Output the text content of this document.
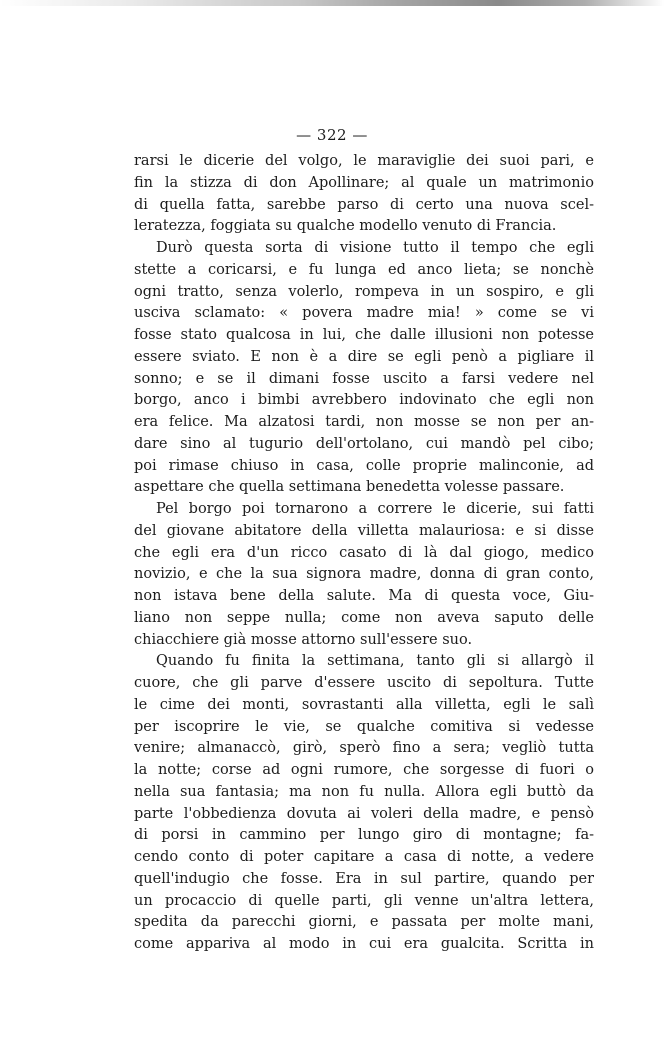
— 322 —
rarsi le dicerie del volgo, le maraviglie dei suoi pari, e
fin la stizza di don Apollinare; al quale un matrimonio
di quella fatta, sarebbe parso di certo una nuova scel-
leratezza, foggiata su qualche modello venuto di Francia.
Durò questa sorta di visione tutto il tempo che egli
stette a coricarsi, e fu lunga ed anco lieta; se nonchè
ogni tratto, senza volerlo, rompeva in un sospiro, e gli
usciva sclamato: « povera madre mia! » come se vi
fosse stato qualcosa in lui, che dalle illusioni non potesse
essere sviato. E non è a dire se egli penò a pigliare il
sonno; e se il dimani fosse uscito a farsi vedere nel
borgo, anco i bimbi avrebbero indovinato che egli non
era felice. Ma alzatosi tardi, non mosse se non per an-
dare sino al tugurio dell'ortolano, cui mandò pel cibo;
poi rimase chiuso in casa, colle proprie malinconie, ad
aspettare che quella settimana benedetta volesse passare.
Pel borgo poi tornarono a correre le dicerie, sui fatti
del giovane abitatore della villetta malauriosa: e si disse
che egli era d'un ricco casato di là dal giogo, medico
novizio, e che la sua signora madre, donna di gran conto,
non istava bene della salute. Ma di questa voce, Giu-
liano non seppe nulla; come non aveva saputo delle
chiacchiere già mosse attorno sull'essere suo.
Quando fu finita la settimana, tanto gli si allargò il
cuore, che gli parve d'essere uscito di sepoltura. Tutte
le cime dei monti, sovrastanti alla villetta, egli le salì
per iscoprire le vie, se qualche comitiva si vedesse
venire; almanaccò, girò, sperò fino a sera; vegliò tutta
la notte; corse ad ogni rumore, che sorgesse di fuori o
nella sua fantasia; ma non fu nulla. Allora egli buttò da
parte l'obbedienza dovuta ai voleri della madre, e pensò
di porsi in cammino per lungo giro di montagne; fa-
cendo conto di poter capitare a casa di notte, a vedere
quell'indugio che fosse. Era in sul partire, quando per
un procaccio di quelle parti, gli venne un'altra lettera,
spedita da parecchi giorni, e passata per molte mani,
come appariva al modo in cui era gualcita. Scritta in
